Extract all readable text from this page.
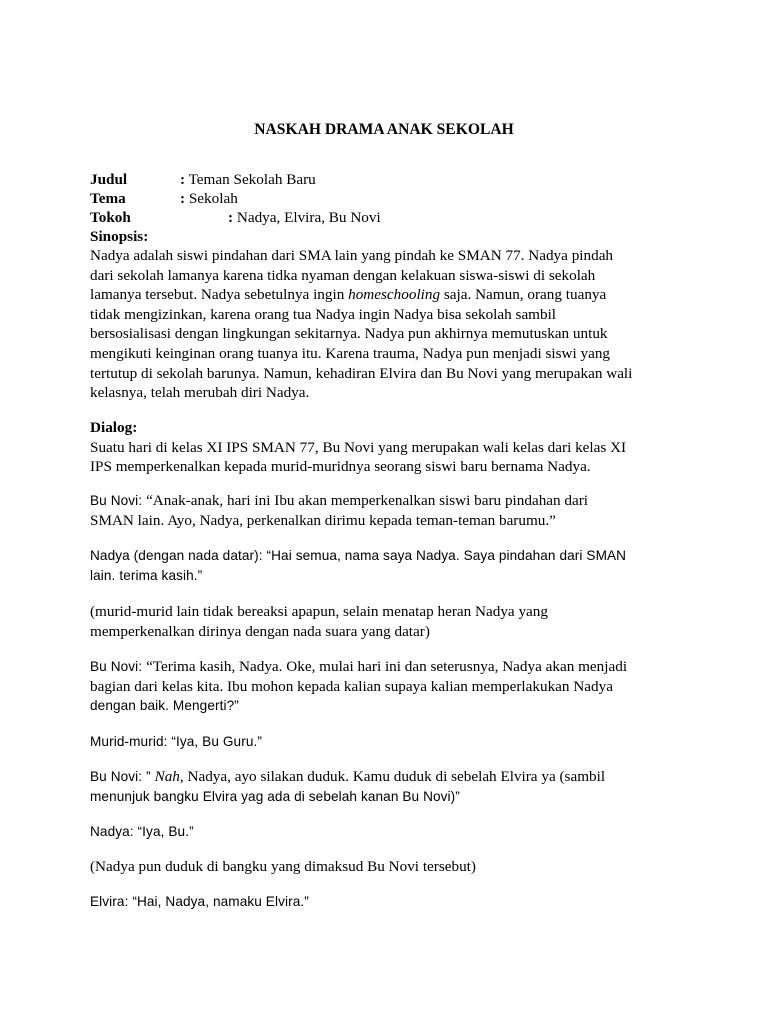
NASKAH DRAMA ANAK SEKOLAH
Judul	: Teman Sekolah Baru
Tema	: Sekolah
Tokoh	: Nadya, Elvira, Bu Novi
Sinopsis:
Nadya adalah siswi pindahan dari SMA lain yang pindah ke SMAN 77. Nadya pindah
dari sekolah lamanya karena tidka nyaman dengan kelakuan siswa-siswi di sekolah
lamanya tersebut. Nadya sebetulnya ingin homeschooling saja. Namun, orang tuanya
tidak mengizinkan, karena orang tua Nadya ingin Nadya bisa sekolah sambil
bersosialisasi dengan lingkungan sekitarnya. Nadya pun akhirnya memutuskan untuk
mengikuti keinginan orang tuanya itu. Karena trauma, Nadya pun menjadi siswi yang
tertutup di sekolah barunya. Namun, kehadiran Elvira dan Bu Novi yang merupakan wali
kelasnya, telah merubah diri Nadya.
Dialog:
Suatu hari di kelas XI IPS SMAN 77, Bu Novi yang merupakan wali kelas dari kelas XI
IPS memperkenalkan kepada murid-muridnya seorang siswi baru bernama Nadya.
Bu Novi: “Anak-anak, hari ini Ibu akan memperkenalkan siswi baru pindahan dari
SMAN lain. Ayo, Nadya, perkenalkan dirimu kepada teman-teman barumu.”
Nadya (dengan nada datar): “Hai semua, nama saya Nadya. Saya pindahan dari SMAN
lain. terima kasih.”
(murid-murid lain tidak bereaksi apapun, selain menatap heran Nadya yang
memperkenalkan dirinya dengan nada suara yang datar)
Bu Novi: “Terima kasih, Nadya. Oke, mulai hari ini dan seterusnya, Nadya akan menjadi
bagian dari kelas kita. Ibu mohon kepada kalian supaya kalian memperlakukan Nadya
dengan baik. Mengerti?”
Murid-murid: “Iya, Bu Guru.”
Bu Novi: ” Nah, Nadya, ayo silakan duduk. Kamu duduk di sebelah Elvira ya (sambil
menunjuk bangku Elvira yag ada di sebelah kanan Bu Novi)”
Nadya: “Iya, Bu.”
(Nadya pun duduk di bangku yang dimaksud Bu Novi tersebut)
Elvira: “Hai, Nadya, namaku Elvira.”
